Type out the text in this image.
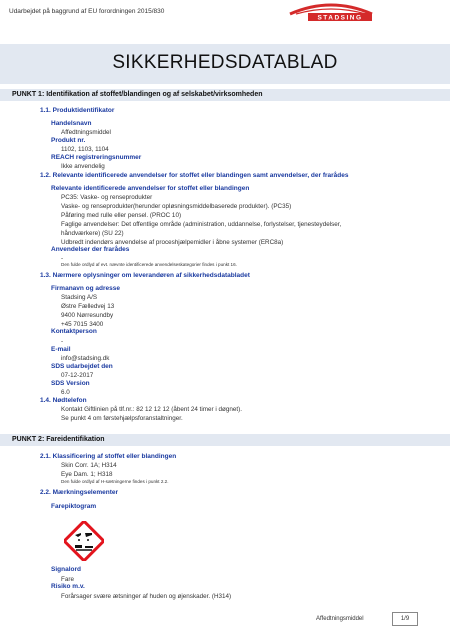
Udarbejdet på baggrund af EU forordningen 2015/830
STADSING
SIKKERHEDSDATABLAD
PUNKT 1: Identifikation af stoffet/blandingen og af selskabet/virksomheden
1.1. Produktidentifikator
Handelsnavn
Affedtningsmiddel
Produkt nr.
1102, 1103, 1104
REACH registreringsnummer
Ikke anvendelig
1.2. Relevante identificerede anvendelser for stoffet eller blandingen samt anvendelser, der frarådes
Relevante identificerede anvendelser for stoffet eller blandingen
PC35: Vaske- og renseprodukter
Vaske- og renseprodukter(herunder opløsningsmiddelbaserede produkter). (PC35)
Påføring med rulle eller pensel. (PROC 10)
Faglige anvendelser: Det offentlige område (administration, uddannelse, forlystelser, tjenesteydelser,
håndværkere) (SU 22)
Udbredt indendørs anvendelse af proceshjælpemidler i åbne systemer (ERC8a)
Anvendelser der frarådes
-
Den fulde ordlyd af evt. nævnte identificerede anvendelseskategorier findes i punkt 16.
1.3. Nærmere oplysninger om leverandøren af sikkerhedsdatabladet
Firmanavn og adresse
Stadsing A/S
Østre Fælledvej 13
9400 Nørresundby
+45 7015 3400
Kontaktperson
-
E-mail
info@stadsing.dk
SDS udarbejdet den
07-12-2017
SDS Version
6.0
1.4. Nødtelefon
Kontakt Giftlinien på tlf.nr.: 82 12 12 12 (åbent 24 timer i døgnet).
Se punkt 4 om førstehjælpsforanstaltninger.
PUNKT 2: Fareidentifikation
2.1. Klassificering af stoffet eller blandingen
Skin Corr. 1A; H314
Eye Dam. 1; H318
Den fulde ordlyd af H-sætningerne findes i punkt 2.2.
2.2. Mærkningselementer
Farepiktogram
Signalord
Fare
Risiko m.v.
Forårsager svære ætsninger af huden og øjenskader. (H314)
Affedtningsmiddel	1/9
